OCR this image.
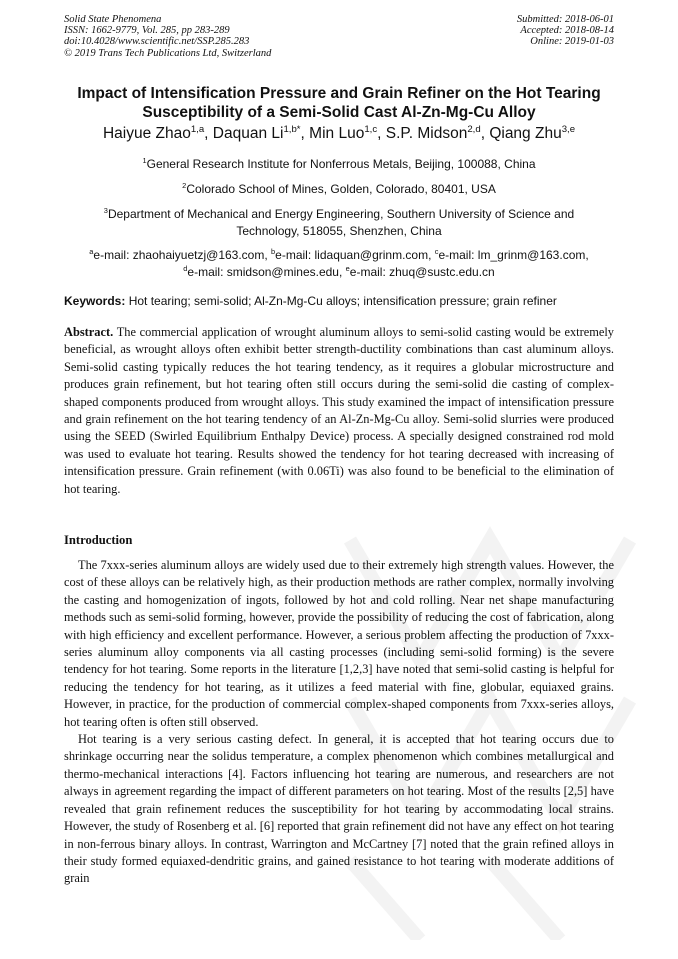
Solid State Phenomena
ISSN: 1662-9779, Vol. 285, pp 283-289
doi:10.4028/www.scientific.net/SSP.285.283
© 2019 Trans Tech Publications Ltd, Switzerland
Submitted: 2018-06-01
Accepted: 2018-08-14
Online: 2019-01-03
Impact of Intensification Pressure and Grain Refiner on the Hot Tearing
Susceptibility of a Semi-Solid Cast Al-Zn-Mg-Cu Alloy
Haiyue Zhao$^{1,a}$, Daquan $Li^{1,b*}$, Min Luo$^{1,c}$, S.P. Midson$^{2,d}$, Qiang Zhu$^{3,e}$
$^1$General Research Institute for Nonferrous Metals, Beijing, 100088, China
$^2$Colorado School of Mines, Golden, Colorado, 80401, USA
$^3$Department of Mechanical and Energy Engineering, Southern University of Science and
Technology, 518055, Shenzhen, China
$^a$e-mail: zhaohaiyuetzj@163.com, $^b$e-mail: lidaquan@grinm.com, $^c$e-mail: lm_grinm@163.com,
$^d$e-mail: smidson@mines.edu, $^e$e-mail: zhuq@sustc.edu.cn
Keywords: Hot tearing; semi-solid; Al-Zn-Mg-Cu alloys; intensification pressure; grain refiner

Abstract. The commercial application of wrought aluminum alloys to semi-solid casting would be extremely beneficial, as wrought alloys often exhibit better strength-ductility combinations than cast aluminum alloys. Semi-solid casting typically reduces the hot tearing tendency, as it requires a globular microstructure and produces grain refinement, but hot tearing often still occurs during the semi-solid die casting of complex-shaped components produced from wrought alloys. This study examined the impact of intensification pressure and grain refinement on the hot tearing tendency of an Al-Zn-Mg-Cu alloy. Semi-solid slurries were produced using the SEED (Swirled Equilibrium Enthalpy Device) process. A specially designed constrained rod mold was used to evaluate hot tearing. Results showed the tendency for hot tearing decreased with increasing of intensification pressure. Grain refinement (with 0.06Ti) was also found to be beneficial to the elimination of hot tearing.

Introduction

The 7xxx-series aluminum alloys are widely used due to their extremely high strength values. However, the cost of these alloys can be relatively high, as their production methods are rather complex, normally involving the casting and homogenization of ingots, followed by hot and cold rolling. Near net shape manufacturing methods such as semi-solid forming, however, provide the possibility of reducing the cost of fabrication, along with high efficiency and excellent performance. However, a serious problem affecting the production of 7xxx-series aluminum alloy components via all casting processes (including semi-solid forming) is the severe tendency for hot tearing. Some reports in the literature [1,2,3] have noted that semi-solid casting is helpful for reducing the tendency for hot tearing, as it utilizes a feed material with fine, globular, equiaxed grains. However, in practice, for the production of commercial complex-shaped components from 7xxx-series alloys, hot tearing often is often still observed.

Hot tearing is a very serious casting defect. In general, it is accepted that hot tearing occurs due to shrinkage occurring near the solidus temperature, a complex phenomenon which combines metallurgical and thermo-mechanical interactions [4]. Factors influencing hot tearing are numerous, and researchers are not always in agreement regarding the impact of different parameters on hot tearing. Most of the results [2,5] have revealed that grain refinement reduces the susceptibility for hot tearing by accommodating local strains. However, the study of Rosenberg et al. [6] reported that grain refinement did not have any effect on hot tearing in non-ferrous binary alloys. In contrast, Warrington and McCartney [7] noted that the grain refined alloys in their study formed equiaxed-dendritic grains, and gained resistance to hot tearing with moderate additions of grain
